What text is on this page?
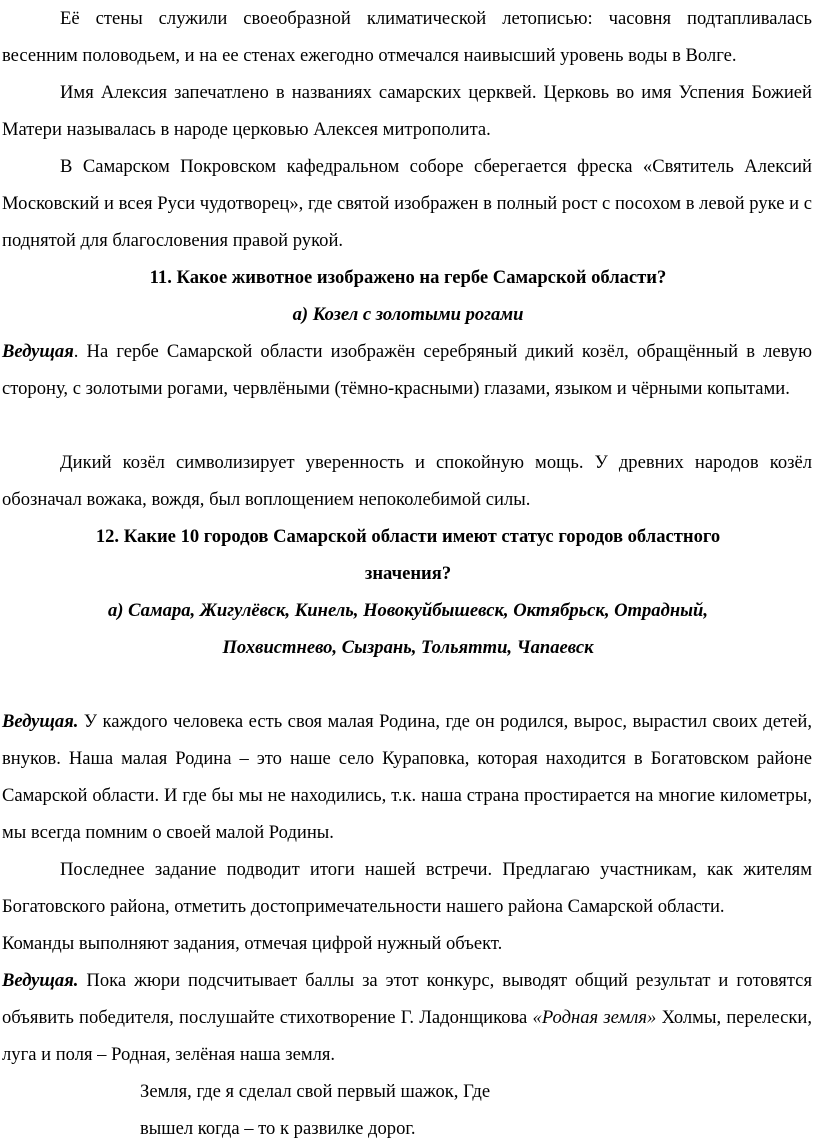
Её стены служили своеобразной климатической летописью: часовня подтапливалась весенним половодьем, и на ее стенах ежегодно отмечался наивысший уровень воды в Волге.

Имя Алексия запечатлено в названиях самарских церквей. Церковь во имя Успения Божией Матери называлась в народе церковью Алексея митрополита.

В Самарском Покровском кафедральном соборе сберегается фреска «Святитель Алексий Московский и всея Руси чудотворец», где святой изображен в полный рост с посохом в левой руке и с поднятой для благословения правой рукой.

11. Какое животное изображено на гербе Самарской области?

а) Козел с золотыми рогами

Ведущая. На гербе Самарской области изображён серебряный дикий козёл, обращённый в левую сторону, с золотыми рогами, червлёными (тёмно-красными) глазами, языком и чёрными копытами.

Дикий козёл символизирует уверенность и спокойную мощь. У древних народов козёл обозначал вожака, вождя, был воплощением непоколебимой силы.

12. Какие 10 городов Самарской области имеют статус городов областного

значения?

а) Самара, Жигулёвск, Кинель, Новокуйбышевск, Октябрьск, Отрадный,

Похвистнево, Сызрань, Тольятти, Чапаевск

Ведущая. У каждого человека есть своя малая Родина, где он родился, вырос, вырастил своих детей, внуков. Наша малая Родина – это наше село Кураповка, которая находится в Богатовском районе Самарской области. И где бы мы не находились, т.к. наша страна простирается на многие километры, мы всегда помним о своей малой Родины.

Последнее задание подводит итоги нашей встречи. Предлагаю участникам, как жителям Богатовского района, отметить достопримечательности нашего района Самарской области.

Команды выполняют задания, отмечая цифрой нужный объект.

Ведущая. Пока жюри подсчитывает баллы за этот конкурс, выводят общий результат и готовятся объявить победителя, послушайте стихотворение Г. Ладонщикова «Родная земля» Холмы, перелески, луга и поля – Родная, зелёная наша земля.

Земля, где я сделал свой первый шажок, Где

вышел когда – то к развилке дорог.
